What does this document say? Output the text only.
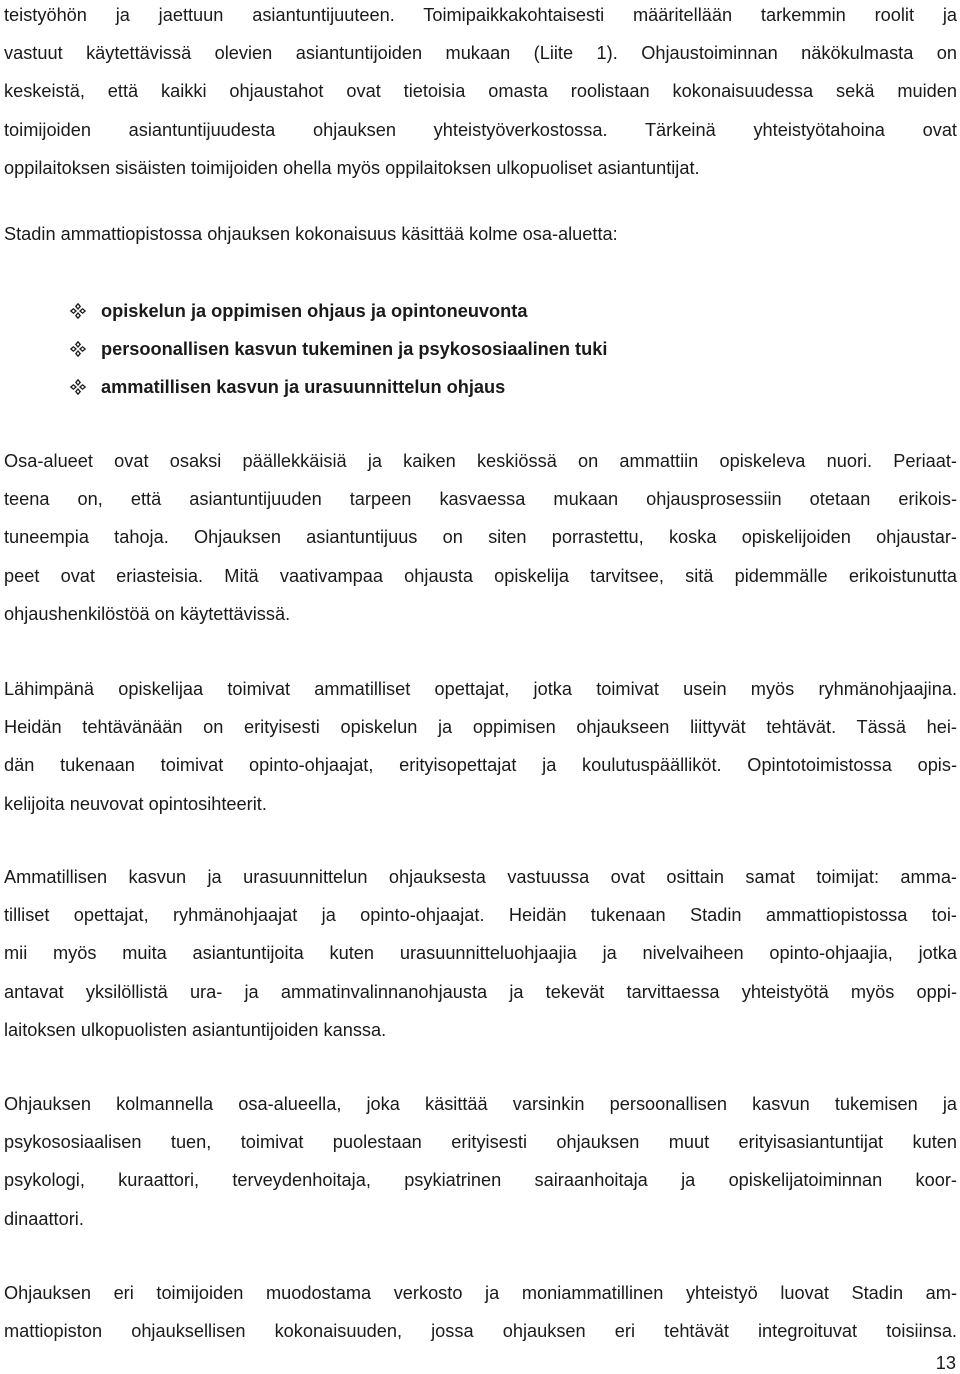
teistyöhön ja jaettuun asiantuntijuuteen. Toimipaikkakohtaisesti määritellään tarkemmin roolit ja
vastuut käytettävissä olevien asiantuntijoiden mukaan (Liite 1). Ohjaustoiminnan näkökulmasta on
keskeistä, että kaikki ohjaustahot ovat tietoisia omasta roolistaan kokonaisuudessa sekä muiden
toimijoiden asiantuntijuudesta ohjauksen yhteistyöverkostossa. Tärkeinä yhteistyötahoina ovat
oppilaitoksen sisäisten toimijoiden ohella myös oppilaitoksen ulkopuoliset asiantuntijat.
Stadin ammattiopistossa ohjauksen kokonaisuus käsittää kolme osa-aluetta:
opiskelun ja oppimisen ohjaus ja opintoneuvonta
persoonallisen kasvun tukeminen ja psykososiaalinen tuki
ammatillisen kasvun ja urasuunnittelun ohjaus
Osa-alueet ovat osaksi päällekkäisiä ja kaiken keskiössä on ammattiin opiskeleva nuori. Periaat-
teena on, että asiantuntijuuden tarpeen kasvaessa mukaan ohjausprosessiin otetaan erikois-
tuneempia tahoja. Ohjauksen asiantuntijuus on siten porrastettu, koska opiskelijoiden ohjaustar-
peet ovat eriasteisia. Mitä vaativampaa ohjausta opiskelija tarvitsee, sitä pidemmälle erikoistunutta
ohjaushenkilöstöä on käytettävissä.
Lähimpänä opiskelijaa toimivat ammatilliset opettajat, jotka toimivat usein myös ryhmänohjaajina.
Heidän tehtävänään on erityisesti opiskelun ja oppimisen ohjaukseen liittyvät tehtävät. Tässä hei-
dän tukenaan toimivat opinto-ohjaajat, erityisopettajat ja koulutuspäälliköt. Opintotoimistossa opis-
kelijoita neuvovat opintosihteerit.
Ammatillisen kasvun ja urasuunnittelun ohjauksesta vastuussa ovat osittain samat toimijat: amma-
tilliset opettajat, ryhmänohjaajat ja opinto-ohjaajat. Heidän tukenaan Stadin ammattiopistossa toi-
mii myös muita asiantuntijoita kuten urasuunnitteluohjaajia ja nivelvaiheen opinto-ohjaajia, jotka
antavat yksilöllistä ura- ja ammatinvalinnanohjausta ja tekevät tarvittaessa yhteistyötä myös oppi-
laitoksen ulkopuolisten asiantuntijoiden kanssa.
Ohjauksen kolmannella osa-alueella, joka käsittää varsinkin persoonallisen kasvun tukemisen ja
psykososiaalisen tuen, toimivat puolestaan erityisesti ohjauksen muut erityisasiantuntijat kuten
psykologi, kuraattori, terveydenhoitaja, psykiatrinen sairaanhoitaja ja opiskelijatoiminnan koor-
dinaattori.
Ohjauksen eri toimijoiden muodostama verkosto ja moniammatillinen yhteistyö luovat Stadin am-
mattiopiston ohjauksellisen kokonaisuuden, jossa ohjauksen eri tehtävät integroituvat toisiinsa.
13
